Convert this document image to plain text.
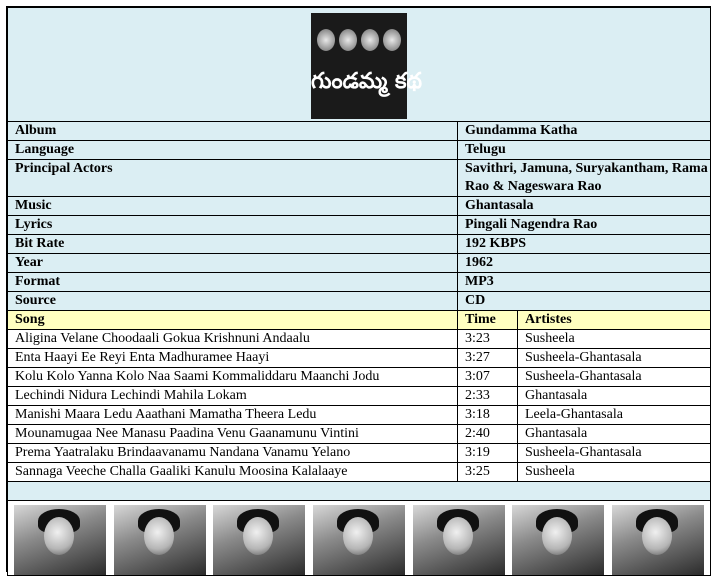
గుండమ్మ కథ		

Album	Gundamma Katha	
Language	Telugu	
Principal Actors	Savithri, Jamuna, Suryakantham, Rama Rao & Nageswara Rao	
Music	Ghantasala	
Lyrics	Pingali Nagendra Rao	
Bit Rate	192 KBPS	
Year	1962	
Format	MP3	
Source	CD	
Song	Time	Artistes
Aligina Velane Choodaali Gokua Krishnuni Andaalu	3:23	Susheela
Enta Haayi Ee Reyi Enta Madhuramee Haayi	3:27	Susheela-Ghantasala
Kolu Kolo Yanna Kolo Naa Saami Kommaliddaru Maanchi Jodu	3:07	Susheela-Ghantasala
Lechindi Nidura Lechindi Mahila Lokam	2:33	Ghantasala
Manishi Maara Ledu Aaathani Mamatha Theera Ledu	3:18	Leela-Ghantasala
Mounamugaa Nee Manasu Paadina Venu Gaanamunu Vintini	2:40	Ghantasala
Prema Yaatralaku Brindaavanamu Nandana Vanamu Yelano	3:19	Susheela-Ghantasala
Sannaga Veeche Challa Gaaliki Kanulu Moosina Kalalaaye	3:25	Susheela
